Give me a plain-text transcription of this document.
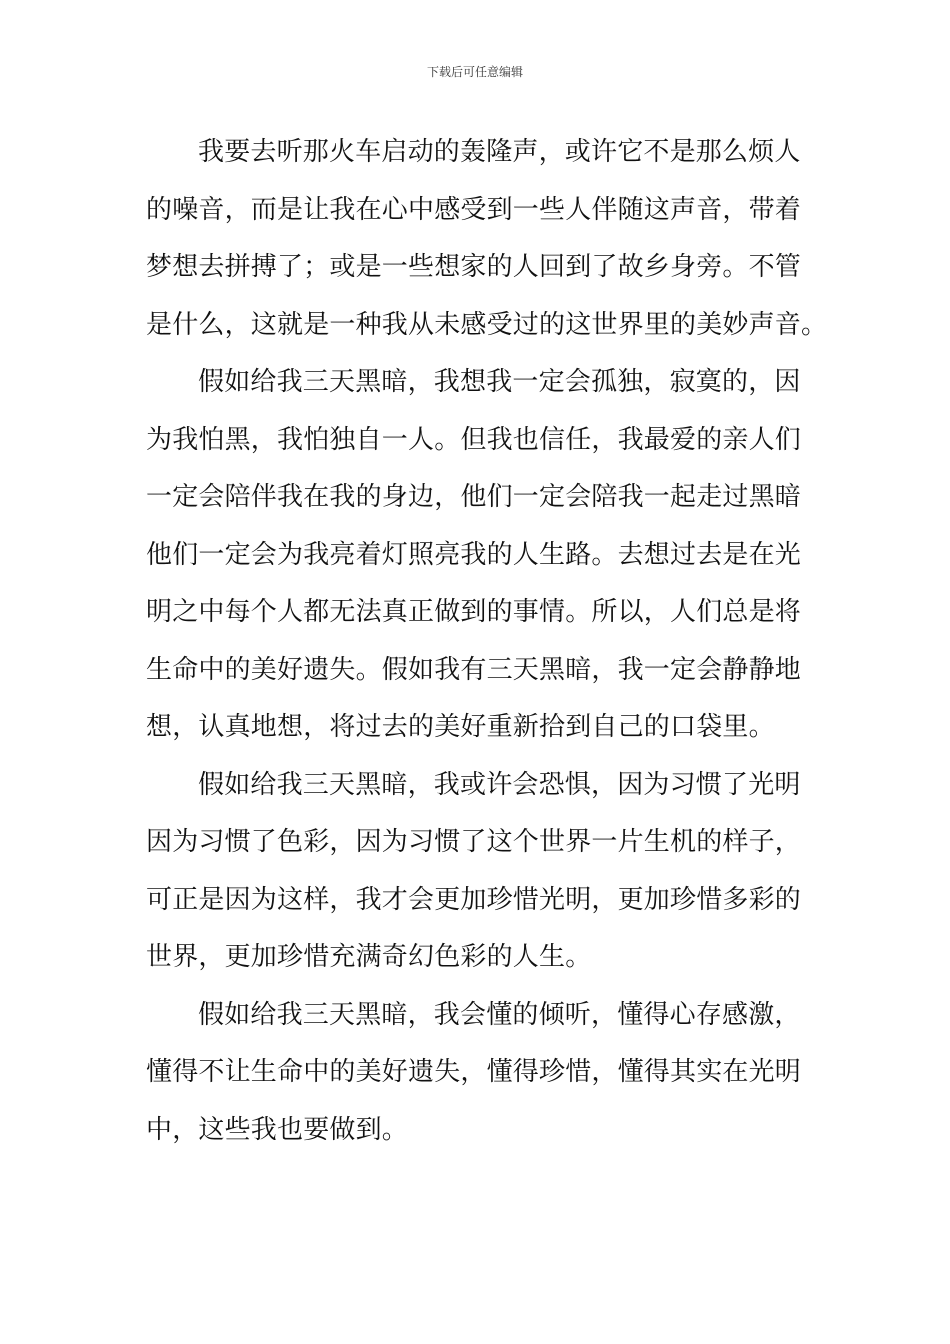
下载后可任意编辑
我要去听那火车启动的轰隆声，或许它不是那么烦人
的噪音，而是让我在心中感受到一些人伴随这声音，带着
梦想去拼搏了；或是一些想家的人回到了故乡身旁。不管
是什么，这就是一种我从未感受过的这世界里的美妙声音。
假如给我三天黑暗，我想我一定会孤独，寂寞的，因
为我怕黑，我怕独自一人。但我也信任，我最爱的亲人们
一定会陪伴我在我的身边，他们一定会陪我一起走过黑暗
他们一定会为我亮着灯照亮我的人生路。去想过去是在光
明之中每个人都无法真正做到的事情。所以，人们总是将
生命中的美好遗失。假如我有三天黑暗，我一定会静静地
想，认真地想，将过去的美好重新拾到自己的口袋里。
假如给我三天黑暗，我或许会恐惧，因为习惯了光明
因为习惯了色彩，因为习惯了这个世界一片生机的样子，
可正是因为这样，我才会更加珍惜光明，更加珍惜多彩的
世界，更加珍惜充满奇幻色彩的人生。
假如给我三天黑暗，我会懂的倾听，懂得心存感激，
懂得不让生命中的美好遗失，懂得珍惜，懂得其实在光明
中，这些我也要做到。
